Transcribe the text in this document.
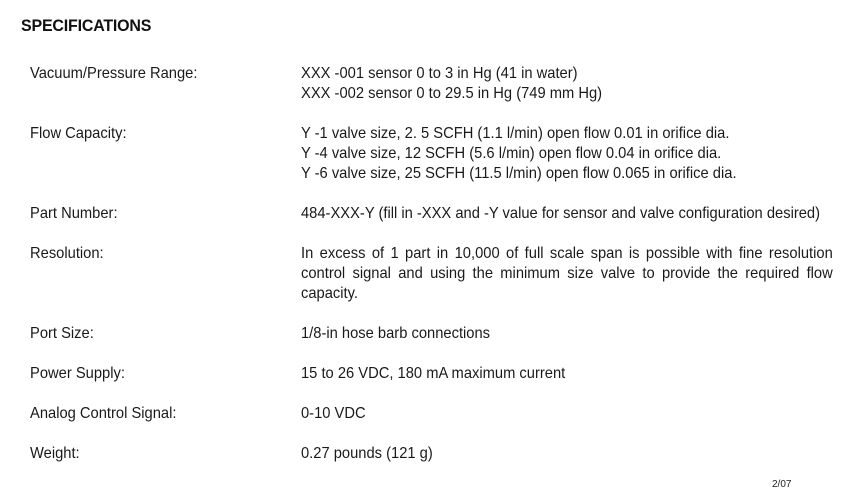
SPECIFICATIONS
Vacuum/Pressure Range:	XXX -001 sensor 0 to 3 in Hg (41 in water)
XXX -002 sensor 0 to 29.5 in Hg (749 mm Hg)
Flow Capacity:	Y -1 valve size, 2. 5 SCFH (1.1 l/min) open flow 0.01 in orifice dia.
Y -4 valve size, 12 SCFH (5.6 l/min) open flow 0.04 in orifice dia.
Y -6 valve size, 25 SCFH (11.5 l/min) open flow 0.065 in orifice dia.
Part Number:	484-XXX-Y (fill in -XXX and -Y value for sensor and valve configuration desired)
Resolution:	In excess of 1 part in 10,000 of full scale span is possible with fine resolution control signal and using the minimum size valve to provide the required flow capacity.
Port Size:	1/8-in hose barb connections
Power Supply:	15 to 26 VDC, 180 mA maximum current
Analog Control Signal:	0-10 VDC
Weight:	0.27 pounds (121 g)
2/07
